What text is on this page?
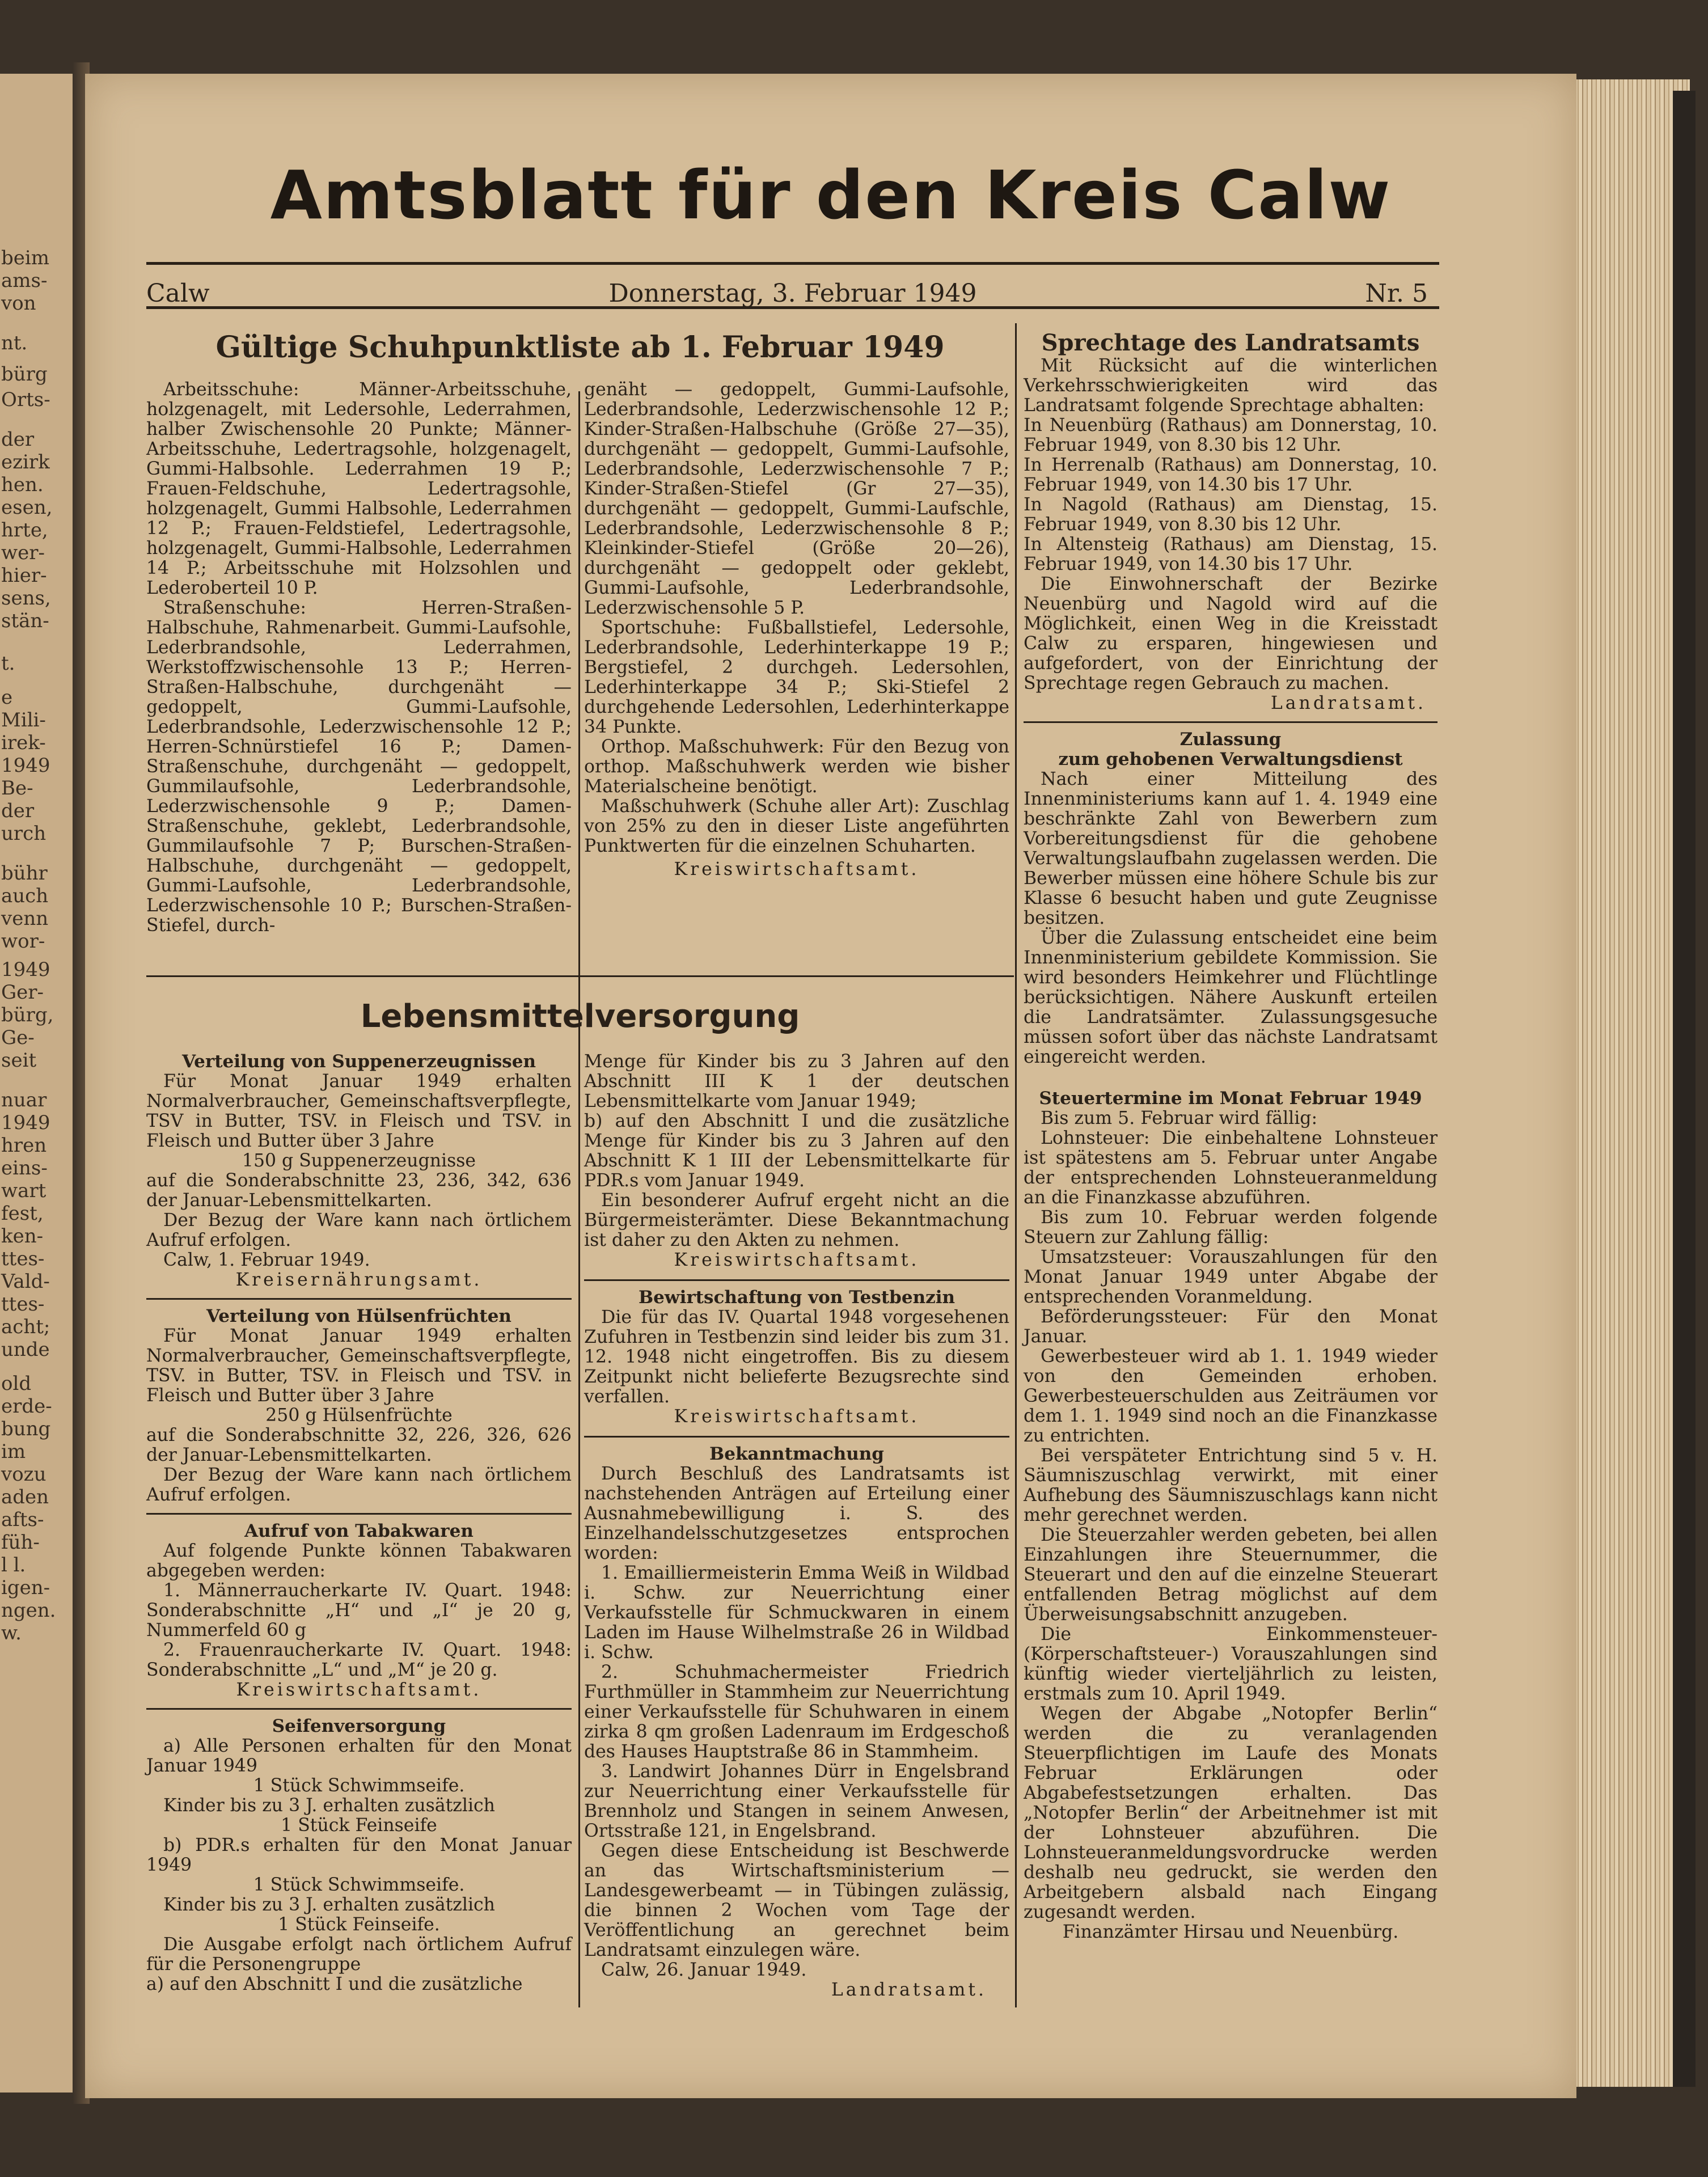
beim
ams-
von
nt.
bürg
Orts-
der
ezirk
hen.
esen,
hrte,
wer-
hier-
sens,
stän-
t.
e
Mili-
irek-
1949
Be-
der
urch
bühr
auch
venn
wor-
1949
Ger-
bürg,
Ge-
seit
nuar
1949
hren
eins-
wart
fest,
ken-
ttes-
Vald-
ttes-
acht;
unde
old
erde-
bung
im
vozu
aden
afts-
füh-
l l.
igen-
ngen.
w.
Amtsblatt für den Kreis Calw
Calw	Donnerstag, 3. Februar 1949	Nr. 5
Gültige Schuhpunktliste ab 1. Februar 1949

Arbeitsschuhe: Männer-Arbeitsschuhe, holzgenagelt, mit Ledersohle, Lederrahmen, halber Zwischensohle 20 Punkte; Männer-Arbeitsschuhe, Ledertragsohle, holzgenagelt, Gummi-Halbsohle. Lederrahmen 19 P.; Frauen-Feldschuhe, Ledertragsohle, holzgenagelt, Gummi Halbsohle, Lederrahmen 12 P.; Frauen-Feldstiefel, Ledertragsohle, holzgenagelt, Gummi-Halbsohle, Lederrahmen 14 P.; Arbeitsschuhe mit Holzsohlen und Lederoberteil 10 P.

Straßenschuhe: Herren-Straßen-Halbschuhe, Rahmenarbeit. Gummi-Laufsohle, Lederbrandsohle, Lederrahmen, Werkstoffzwischensohle 13 P.; Herren-Straßen-Halbschuhe, durchgenäht — gedoppelt, Gummi-Laufsohle, Lederbrandsohle, Lederzwischensohle 12 P.; Herren-Schnürstiefel 16 P.; Damen-Straßenschuhe, durchgenäht — gedoppelt, Gummilaufsohle, Lederbrandsohle, Lederzwischensohle 9 P.; Damen-Straßenschuhe, geklebt, Lederbrandsohle, Gummilaufsohle 7 P; Burschen-Straßen-Halbschuhe, durchgenäht — gedoppelt, Gummi-Laufsohle, Lederbrandsohle, Lederzwischensohle 10 P.; Burschen-Straßen-Stiefel, durch-

genäht — gedoppelt, Gummi-Laufsohle, Lederbrandsohle, Lederzwischensohle 12 P.; Kinder-Straßen-Halbschuhe (Größe 27—35), durchgenäht — gedoppelt, Gummi-Laufsohle, Lederbrandsohle, Lederzwischensohle 7 P.; Kinder-Straßen-Stiefel (Gr 27—35), durchgenäht — gedoppelt, Gummi-Laufschle, Lederbrandsohle, Lederzwischensohle 8 P.; Kleinkinder-Stiefel (Größe 20—26), durchgenäht — gedoppelt oder geklebt, Gummi-Laufsohle, Lederbrandsohle, Lederzwischensohle 5 P.

Sportschuhe: Fußballstiefel, Ledersohle, Lederbrandsohle, Lederhinterkappe 19 P.; Bergstiefel, 2 durchgeh. Ledersohlen, Lederhinterkappe 34 P.; Ski-Stiefel 2 durchgehende Ledersohlen, Lederhinterkappe 34 Punkte.

Orthop. Maßschuhwerk: Für den Bezug von orthop. Maßschuhwerk werden wie bisher Materialscheine benötigt.

Maßschuhwerk (Schuhe aller Art): Zuschlag von 25% zu den in dieser Liste angeführten Punktwerten für die einzelnen Schuharten.

Kreiswirtschaftsamt.

Lebensmittelversorgung

Verteilung von Suppenerzeugnissen

Für Monat Januar 1949 erhalten Normalverbraucher, Gemeinschaftsverpflegte, TSV in Butter, TSV. in Fleisch und TSV. in Fleisch und Butter über 3 Jahre

150 g Suppenerzeugnisse

auf die Sonderabschnitte 23, 236, 342, 636 der Januar-Lebensmittelkarten.

Der Bezug der Ware kann nach örtlichem Aufruf erfolgen.

Calw, 1. Februar 1949.

Kreisernährungsamt.

Verteilung von Hülsenfrüchten

Für Monat Januar 1949 erhalten Normalverbraucher, Gemeinschaftsverpflegte, TSV. in Butter, TSV. in Fleisch und TSV. in Fleisch und Butter über 3 Jahre

250 g Hülsenfrüchte

auf die Sonderabschnitte 32, 226, 326, 626 der Januar-Lebensmittelkarten.

Der Bezug der Ware kann nach örtlichem Aufruf erfolgen.

Aufruf von Tabakwaren

Auf folgende Punkte können Tabakwaren abgegeben werden:

1. Männerraucherkarte IV. Quart. 1948: Sonderabschnitte „H“ und „I“ je 20 g, Nummerfeld 60 g

2. Frauenraucherkarte IV. Quart. 1948: Sonderabschnitte „L“ und „M“ je 20 g.

Kreiswirtschaftsamt.

Seifenversorgung

a) Alle Personen erhalten für den Monat Januar 1949

1 Stück Schwimmseife.

Kinder bis zu 3 J. erhalten zusätzlich

1 Stück Feinseife

b) PDR.s erhalten für den Monat Januar 1949

1 Stück Schwimmseife.

Kinder bis zu 3 J. erhalten zusätzlich

1 Stück Feinseife.

Die Ausgabe erfolgt nach örtlichem Aufruf für die Personengruppe

a) auf den Abschnitt I und die zusätzliche

Menge für Kinder bis zu 3 Jahren auf den Abschnitt III K 1 der deutschen Lebensmittelkarte vom Januar 1949;

b) auf den Abschnitt I und die zusätzliche Menge für Kinder bis zu 3 Jahren auf den Abschnitt K 1 III der Lebensmittelkarte für PDR.s vom Januar 1949.

Ein besonderer Aufruf ergeht nicht an die Bürgermeisterämter. Diese Bekanntmachung ist daher zu den Akten zu nehmen.

Kreiswirtschaftsamt.

Bewirtschaftung von Testbenzin

Die für das IV. Quartal 1948 vorgesehenen Zufuhren in Testbenzin sind leider bis zum 31. 12. 1948 nicht eingetroffen. Bis zu diesem Zeitpunkt nicht belieferte Bezugsrechte sind verfallen.

Kreiswirtschaftsamt.

Bekanntmachung

Durch Beschluß des Landratsamts ist nachstehenden Anträgen auf Erteilung einer Ausnahmebewilligung i. S. des Einzelhandelsschutzgesetzes entsprochen worden:

1. Emailliermeisterin Emma Weiß in Wildbad i. Schw. zur Neuerrichtung einer Verkaufsstelle für Schmuckwaren in einem Laden im Hause Wilhelmstraße 26 in Wildbad i. Schw.

2. Schuhmachermeister Friedrich Furthmüller in Stammheim zur Neuerrichtung einer Verkaufsstelle für Schuhwaren in einem zirka 8 qm großen Ladenraum im Erdgeschoß des Hauses Hauptstraße 86 in Stammheim.

3. Landwirt Johannes Dürr in Engelsbrand zur Neuerrichtung einer Verkaufsstelle für Brennholz und Stangen in seinem Anwesen, Ortsstraße 121, in Engelsbrand.

Gegen diese Entscheidung ist Beschwerde an das Wirtschaftsministerium — Landesgewerbeamt — in Tübingen zulässig, die binnen 2 Wochen vom Tage der Veröffentlichung an gerechnet beim Landratsamt einzulegen wäre.

Calw, 26. Januar 1949.

Landratsamt.

Sprechtage des Landratsamts

Mit Rücksicht auf die winterlichen Verkehrsschwierigkeiten wird das Landratsamt folgende Sprechtage abhalten:

In Neuenbürg (Rathaus) am Donnerstag, 10. Februar 1949, von 8.30 bis 12 Uhr.

In Herrenalb (Rathaus) am Donnerstag, 10. Februar 1949, von 14.30 bis 17 Uhr.

In Nagold (Rathaus) am Dienstag, 15. Februar 1949, von 8.30 bis 12 Uhr.

In Altensteig (Rathaus) am Dienstag, 15. Februar 1949, von 14.30 bis 17 Uhr.

Die Einwohnerschaft der Bezirke Neuenbürg und Nagold wird auf die Möglichkeit, einen Weg in die Kreisstadt Calw zu ersparen, hingewiesen und aufgefordert, von der Einrichtung der Sprechtage regen Gebrauch zu machen.

Landratsamt.

Zulassung

zum gehobenen Verwaltungsdienst

Nach einer Mitteilung des Innenministeriums kann auf 1. 4. 1949 eine beschränkte Zahl von Bewerbern zum Vorbereitungsdienst für die gehobene Verwaltungslaufbahn zugelassen werden. Die Bewerber müssen eine höhere Schule bis zur Klasse 6 besucht haben und gute Zeugnisse besitzen.

Über die Zulassung entscheidet eine beim Innenministerium gebildete Kommission. Sie wird besonders Heimkehrer und Flüchtlinge berücksichtigen. Nähere Auskunft erteilen die Landratsämter. Zulassungsgesuche müssen sofort über das nächste Landratsamt eingereicht werden.

Steuertermine im Monat Februar 1949

Bis zum 5. Februar wird fällig:

Lohnsteuer: Die einbehaltene Lohnsteuer ist spätestens am 5. Februar unter Angabe der entsprechenden Lohnsteueranmeldung an die Finanzkasse abzuführen.

Bis zum 10. Februar werden folgende Steuern zur Zahlung fällig:

Umsatzsteuer: Vorauszahlungen für den Monat Januar 1949 unter Abgabe der entsprechenden Voranmeldung.

Beförderungssteuer: Für den Monat Januar.

Gewerbesteuer wird ab 1. 1. 1949 wieder von den Gemeinden erhoben. Gewerbesteuerschulden aus Zeiträumen vor dem 1. 1. 1949 sind noch an die Finanzkasse zu entrichten.

Bei verspäteter Entrichtung sind 5 v. H. Säumniszuschlag verwirkt, mit einer Aufhebung des Säumniszuschlags kann nicht mehr gerechnet werden.

Die Steuerzahler werden gebeten, bei allen Einzahlungen ihre Steuernummer, die Steuerart und den auf die einzelne Steuerart entfallenden Betrag möglichst auf dem Überweisungsabschnitt anzugeben.

Die Einkommensteuer- (Körperschaftsteuer-) Vorauszahlungen sind künftig wieder vierteljährlich zu leisten, erstmals zum 10. April 1949.

Wegen der Abgabe „Notopfer Berlin“ werden die zu veranlagenden Steuerpflichtigen im Laufe des Monats Februar Erklärungen oder Abgabefestsetzungen erhalten. Das „Notopfer Berlin“ der Arbeitnehmer ist mit der Lohnsteuer abzuführen. Die Lohnsteueranmeldungsvordrucke werden deshalb neu gedruckt, sie werden den Arbeitgebern alsbald nach Eingang zugesandt werden.

Finanzämter Hirsau und Neuenbürg.
